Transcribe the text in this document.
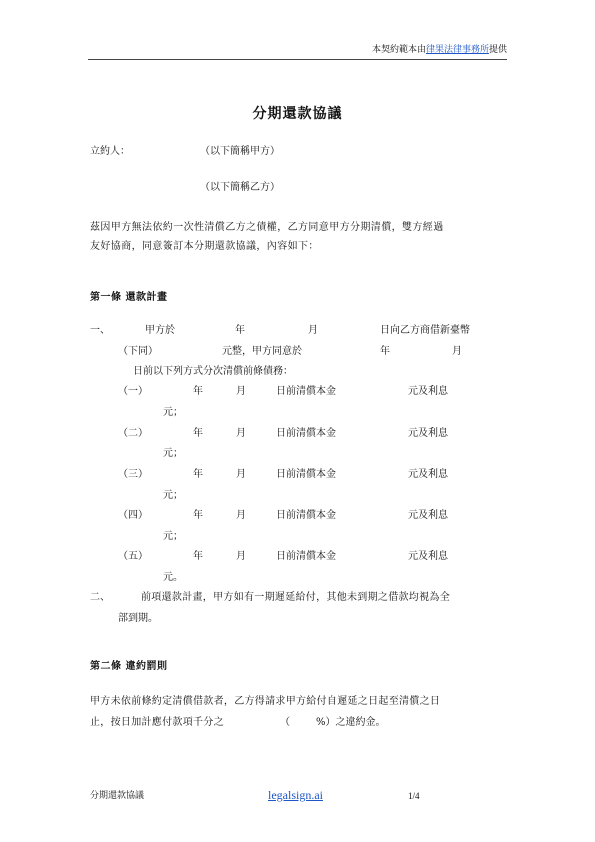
本契約範本由律果法律事務所提供
分期還款協議
立約人：	（以下簡稱甲方）
（以下簡稱乙方）
茲因甲方無法依約一次性清償乙方之債權，乙方同意甲方分期清償，雙方經過
友好協商，同意簽訂本分期還款協議，內容如下：
第一條 還款計畫
一、	甲方於	年	月	日向乙方商借新臺幣
（下同）	元整，甲方同意於	年	月
日前以下列方式分次清償前條債務：
（一）	年	月	日前清償本金	元及利息
元；
（二）	年	月	日前清償本金	元及利息
元；
（三）	年	月	日前清償本金	元及利息
元；
（四）	年	月	日前清償本金	元及利息
元；
（五）	年	月	日前清償本金	元及利息
元。
二、	前項還款計畫，甲方如有一期遲延給付，其他未到期之借款均視為全
部到期。
第二條 違約罰則
甲方未依前條約定清償借款者，乙方得請求甲方給付自遲延之日起至清償之日
止，按日加計應付款項千分之	（	%）之違約金。
分期還款協議	legalsign.ai	1/4
